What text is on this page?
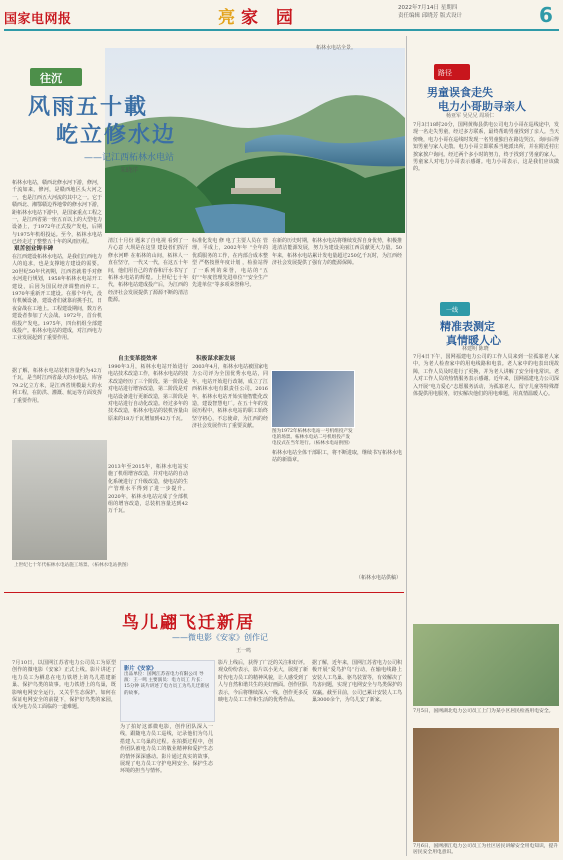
国家电网报	亮家 园	2022年7月14日 星期四
责任编辑 邱晓芳 版式设计	6
柘林水电站全景。
往沉
风雨五十載
屹立修水边
——记江西柘林水电站
朱晓洋
柘林水电站，赣西北修水河下游，修河，千流如来，修河，是赣西地区头大河之一，也是江西五大河流的其中之一。它于赣西北、湘鄂赣边界地带的修水河下游，距柘林水电站下游中，是国家重点工程之一，是江西省第一座五百以上的大型电力设备上，于1972年正式投产发电，后期与1975年机组投运。至今，柘林水电站已经走过了整整五十年的风雨历程。
艰苦创业铸丰碑
在江西建设柘林水电站，是我们江西电力人的追求，也是支撑地方建设的需要。20世纪50年代初期，江西省就着手对修水河进行规划，1958年柘林水电站开工建设，后因为国民经济调整而停工。1970年重新开工建设。在那个年代，没有机械设备，建设者们就靠肩挑手扛，日夜奋战在工地上。工程建设期间，数万名建设者参加了大会战。1972年，首台机组投产发电。1975年，四台机组全部建成投产。柘林水电站的建成，对江西电力工业发展起到了重要作用。
据了解，柘林水电站装机容量约为42万千瓦，是当时江西省最大的水电站，库容79.2亿立方米，是江西省规模最大的水利工程，在防洪、灌溉、航运等方面发挥了重要作用。
清江十月份 题来了自电视 看到了一片心意 大坝是在这里 建设者们挥汗 修水河畔 在柘林的山间，柘林人一直在坚守，一代又一代，在这五十年间，他们用自己的青春和汗水书写了柘林水电站的辉煌。上世纪七十年代，柘林电站建成投产后，为江西的经济社会发展提供了源源不断的清洁能源。
自主变革提效率
1990年3月，柘林水电站开始进行电站技术改造工作，柘林水电站的技术改造经历了三个阶段。第一阶段是对电站进行增容改造，第二阶段是对电站设备进行更新改造，第三阶段是对电站进行自动化改造。经过多年的技术改造，柘林水电站的装机容量由原来的18万千瓦增加到42万千瓦。
2013年至2015年，柘林水电站实施了机组增容改造，并对电站的自动化系统进行了升级改造，使电站的生产管理水平得到了进一步提升。2020年，柘林水电站完成了全部机组的增容改造，总装机容量达到42万千瓦。
标准化发电 修 电了主要人员在 管理，平成上，2002年年 “全年的优质服务的工作，在内部合成本整型 严格按照年度计划 ，检验站得了一系列的荣誉，电站的“五 好”“年度管理先进单位”“安全生产 先进单位”等多项荣誉称号。
积极谋求新发展
2003年4月，柘林水电站被国家电力公司评为全国优秀水电站，同年，电站开始进行改制，成立了江西柘林水电有限责任公司。2016年，柘林水电站开始实施智能化改造，建设智慧电厂。在五十年的发展历程中，柘林水电站的职工始终坚守初心，不忘使命，为江西的经济社会发展作出了重要贡献。
在新的历史时期，柘林水电站将继续发挥自身优势，积极推进清洁能源发展，努力为建设美丽江西贡献更大力量。50年来，柘林水电站累计发电量超过250亿千瓦时，为江西经济社会发展提供了强有力的能源保障。
图为1972年柘林水电站一号机组投产发电的场景。柘林水电站二号机组投产发电仪式在当年进行。（柘林水电站供图）
柘林水电站全体干部职工，将不断进取，继续书写柘林水电站的新篇章。
（柘林水电站供稿）
上世纪七十年代柘林水电站施工场景。（柘林水电站供图）
路径
男童误食走失
电力小哥助寻亲人
杨亚军 吴兄兄 周项仁
7月3日18时20分，国网黄梅县供电公司电力小哥在巡线途中，发现一名走失男童，经过多方联系，最终帮助男童找到了亲人。当天傍晚，电力小哥在巡线时发现一名男童独自在路边哭泣，询问后得知男童与家人走散。电力小哥立即联系当地派出所，并在附近村庄挨家挨户询问。经过两个多小时的努力，终于找到了男童的家人。男童家人对电力小哥表示感谢。电力小哥表示，这是我们应该做的。
一线
精准表测定
真情暖人心
林建明 陈晓
7月4日下午，国网福建电力公司的工作人员来到一位孤寡老人家中，为老人检查家中的用电线路和电表。老人家中的电表出现故障，工作人员及时进行了更换，并为老人讲解了安全用电常识。老人对工作人员的热情服务表示感谢。近年来，国网福建电力公司深入开展“电力爱心”志愿服务活动，为孤寡老人、留守儿童等特殊群体提供用电服务，切实解决他们的用电难题，用真情温暖人心。
7月5日，国网湖北电力公司员工上门为某小区居民检查用电安全。
7月6日，国网浙江电力公司员工为社区居民讲解安全用电知识，提升居民安全用电意识。
鸟儿翩飞迁新居
——微电影《安家》创作记
王一鸣
影片《安家》
出品单位：国网江苏省电力有限公司 导演：王一鸣 主要演员：电力员工 片长：15分钟 该片讲述了电力员工为鸟儿迁新居的故事。
7月10日，以国网江苏省电力公司员工为原型创作的微电影《安家》正式上线。影片讲述了电力员工为栖息在电力铁塔上的鸟儿搭建新巢、保护鸟类的故事。电力铁塔上的鸟巢，既影响电网安全运行，又关乎生态保护。如何在保证电网安全的前提下，保护好鸟类的家园，成为电力员工面临的一道难题。
为了拍好这部微电影，创作团队深入一线，跟随电力员工巡线，记录他们为鸟儿搭建人工鸟巢的过程。在拍摄过程中，创作团队被电力员工的敬业精神和爱护生态的情怀深深感动。影片通过真实的故事，展现了电力员工守护电网安全、保护生态环境的担当与情怀。
影片上线后，获得了广泛的关注和好评。观众纷纷表示，影片以小见大，展现了新时代电力员工的精神风貌，让人感受到了人与自然和谐共生的美好画面。创作团队表示，今后将继续深入一线，创作更多反映电力员工工作和生活的优秀作品。
据了解，近年来，国网江苏省电力公司积极开展“爱鸟护鸟”行动，在输电线路上安装人工鸟巢、驱鸟装置等，有效解决了鸟害问题，实现了电网安全与鸟类保护的双赢。截至目前，公司已累计安装人工鸟巢3000余个，为鸟儿安了新家。
